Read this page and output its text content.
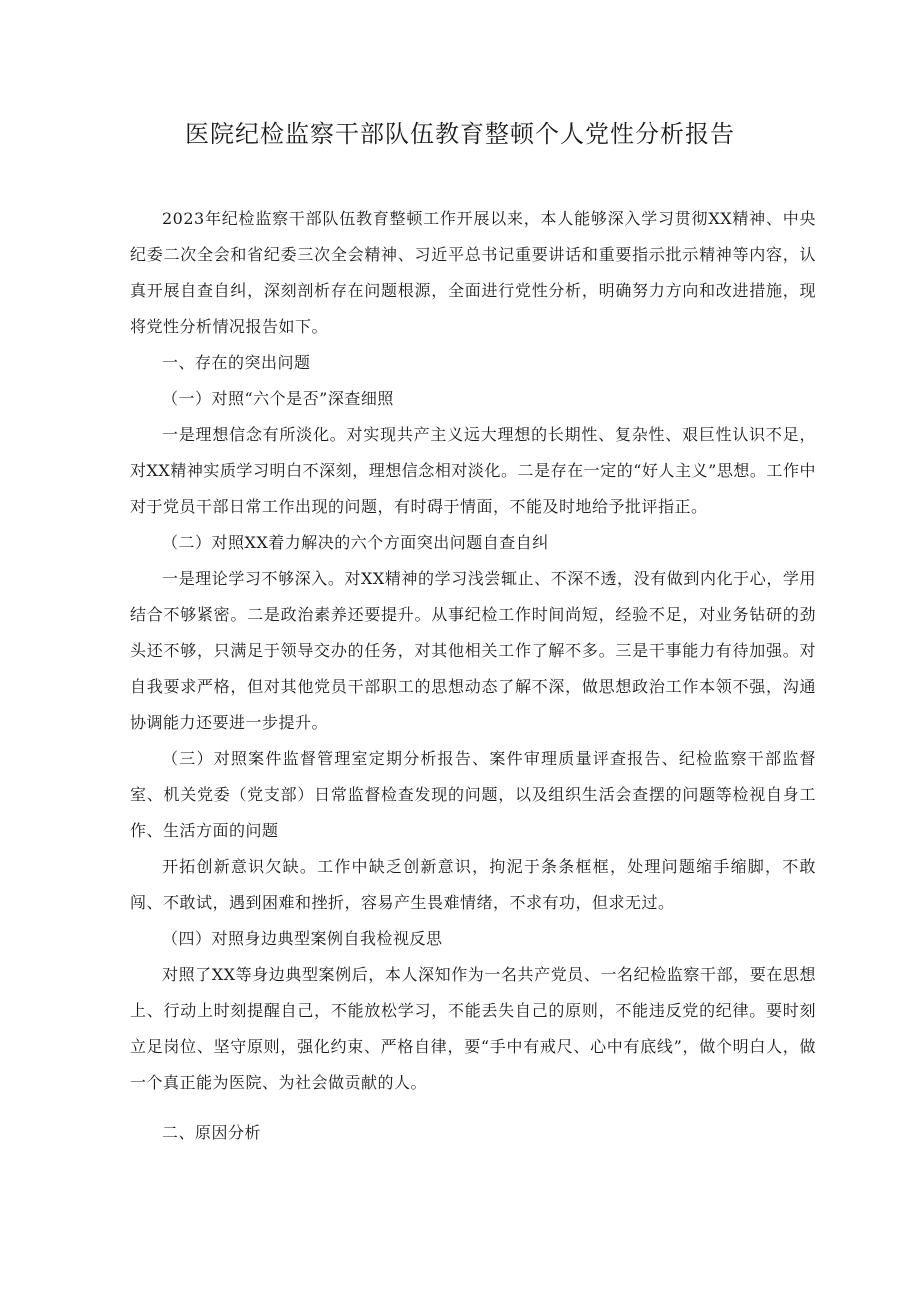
医院纪检监察干部队伍教育整顿个人党性分析报告

2023年纪检监察干部队伍教育整顿工作开展以来，本人能够深入学习贯彻XX精神、中央纪委二次全会和省纪委三次全会精神、习近平总书记重要讲话和重要指示批示精神等内容，认真开展自查自纠，深刻剖析存在问题根源，全面进行党性分析，明确努力方向和改进措施，现将党性分析情况报告如下。

一、存在的突出问题

（一）对照“六个是否”深查细照

一是理想信念有所淡化。对实现共产主义远大理想的长期性、复杂性、艰巨性认识不足，对XX精神实质学习明白不深刻，理想信念相对淡化。二是存在一定的“好人主义”思想。工作中对于党员干部日常工作出现的问题，有时碍于情面，不能及时地给予批评指正。

（二）对照XX着力解决的六个方面突出问题自查自纠

一是理论学习不够深入。对XX精神的学习浅尝辄止、不深不透，没有做到内化于心，学用结合不够紧密。二是政治素养还要提升。从事纪检工作时间尚短，经验不足，对业务钻研的劲头还不够，只满足于领导交办的任务，对其他相关工作了解不多。三是干事能力有待加强。对自我要求严格，但对其他党员干部职工的思想动态了解不深，做思想政治工作本领不强，沟通协调能力还要进一步提升。

（三）对照案件监督管理室定期分析报告、案件审理质量评查报告、纪检监察干部监督室、机关党委（党支部）日常监督检查发现的问题，以及组织生活会查摆的问题等检视自身工作、生活方面的问题

开拓创新意识欠缺。工作中缺乏创新意识，拘泥于条条框框，处理问题缩手缩脚，不敢闯、不敢试，遇到困难和挫折，容易产生畏难情绪，不求有功，但求无过。

（四）对照身边典型案例自我检视反思

对照了XX等身边典型案例后，本人深知作为一名共产党员、一名纪检监察干部，要在思想上、行动上时刻提醒自己，不能放松学习，不能丢失自己的原则，不能违反党的纪律。要时刻立足岗位、坚守原则，强化约束、严格自律，要“手中有戒尺、心中有底线”，做个明白人，做一个真正能为医院、为社会做贡献的人。

二、原因分析
